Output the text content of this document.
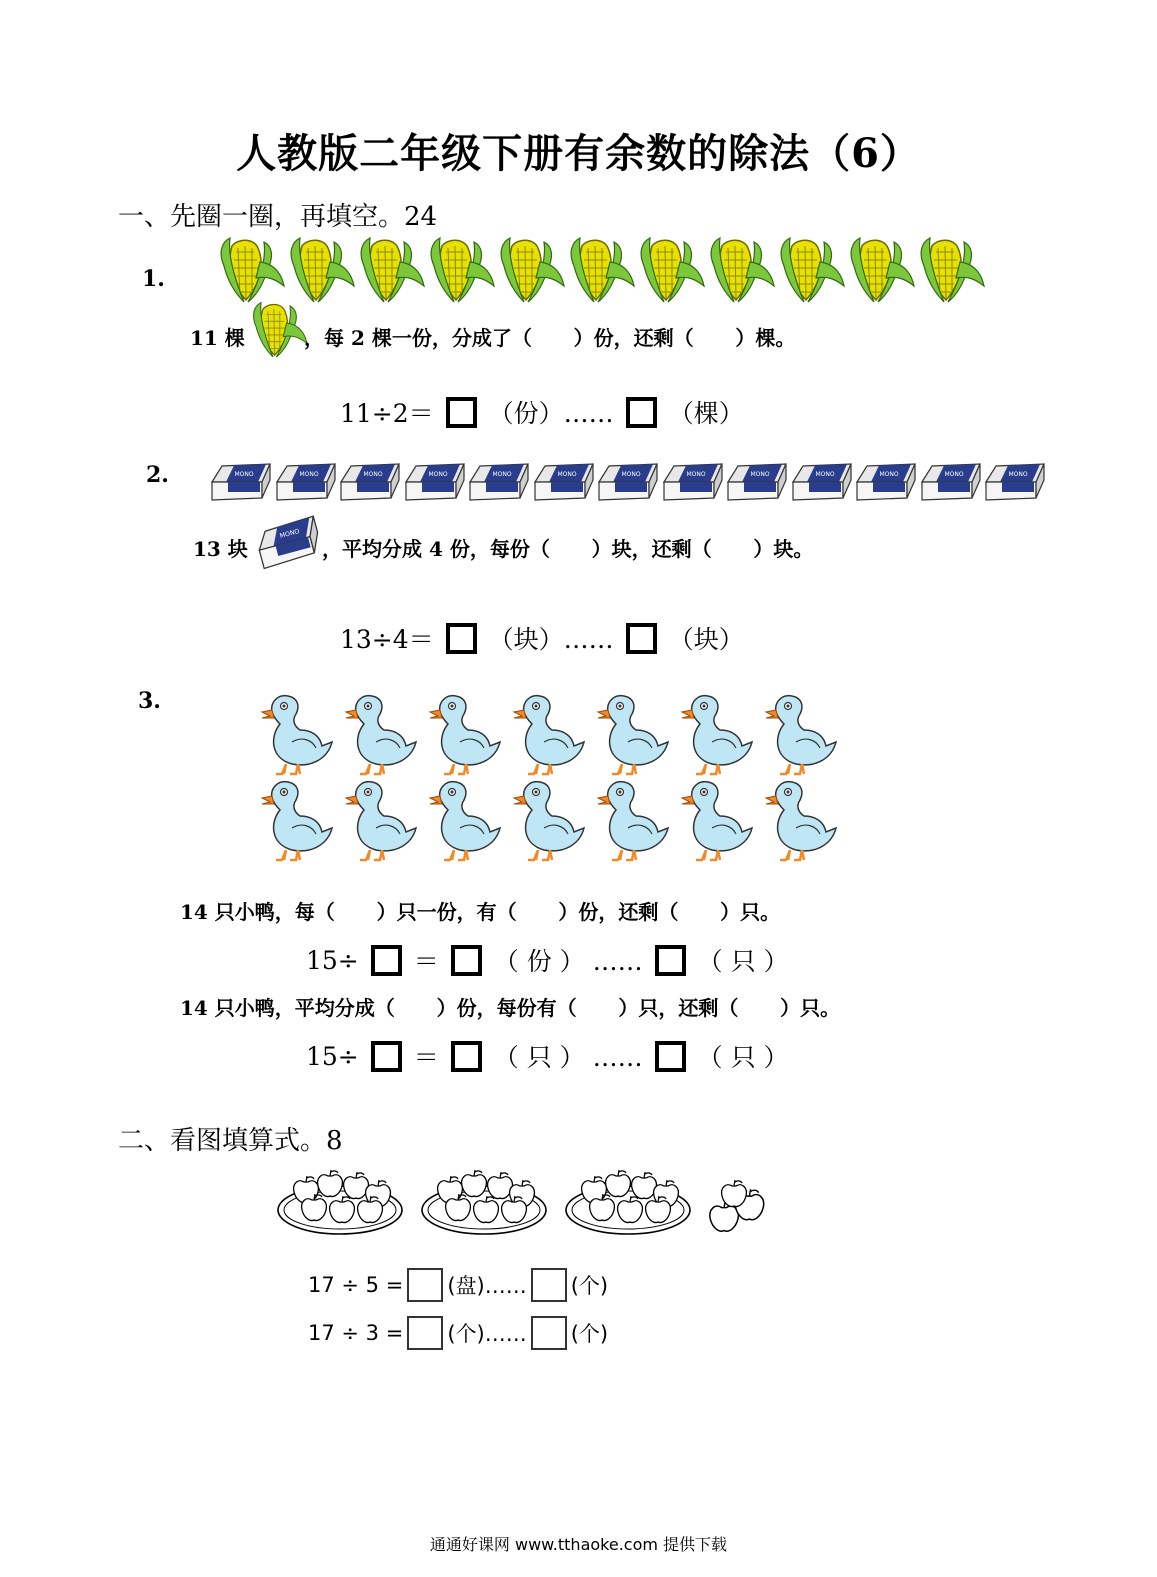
MONO
人教版二年级下册有余数的除法（6）
一、先圈一圈，再填空。24
1.
11 棵	，每 2 棵一份，分成了（      ）份，还剩（      ）棵。
11÷2＝ （份）…… （棵）
2.
13 块	，平均分成 4 份，每份（      ）块，还剩（      ）块。
13÷4＝ （块）…… （块）
3.
14 只小鸭，每（      ）只一份，有（      ）份，还剩（      ）只。
15÷ ＝ （ 份 ） …… （ 只 ）
14 只小鸭，平均分成（      ）份，每份有（      ）只，还剩（      ）只。
15÷ ＝ （ 只 ） …… （ 只 ）
二、看图填算式。8
17 ÷ 5 = (盘)…… (个)
17 ÷ 3 = (个)…… (个)
通通好课网 www.tthaoke.com 提供下载
